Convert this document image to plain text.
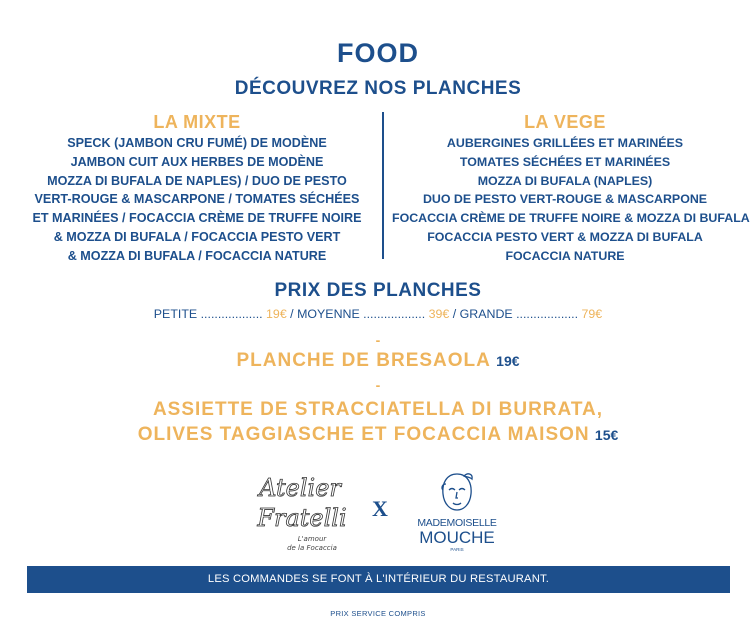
FOOD
DÉCOUVREZ NOS PLANCHES
LA MIXTE
SPECK (JAMBON CRU FUMÉ) DE MODÈNE
JAMBON CUIT AUX HERBES DE MODÈNE
MOZZA DI BUFALA DE NAPLES) / DUO DE PESTO
VERT-ROUGE & MASCARPONE / TOMATES SÉCHÉES
ET MARINÉES / FOCACCIA CRÈME DE TRUFFE NOIRE
& MOZZA DI BUFALA / FOCACCIA PESTO VERT
& MOZZA DI BUFALA / FOCACCIA NATURE
LA VEGE
AUBERGINES GRILLÉES ET MARINÉES
TOMATES SÉCHÉES ET MARINÉES
MOZZA DI BUFALA (NAPLES)
DUO DE PESTO VERT-ROUGE & MASCARPONE
FOCACCIA CRÈME DE TRUFFE NOIRE & MOZZA DI BUFALA
FOCACCIA PESTO VERT & MOZZA DI BUFALA
FOCACCIA NATURE
PRIX DES PLANCHES
PETITE .................. 19€ / MOYENNE .................. 39€ / GRANDE .................. 79€
-
PLANCHE DE BRESAOLA 19€
-
ASSIETTE DE STRACCIATELLA DI BURRATA,
OLIVES TAGGIASCHE ET FOCACCIA MAISON 15€
Atelier
Fratelli
L'amour
de la Focaccia
X
MADEMOISELLE
MOUCHE
PARIS
LES COMMANDES SE FONT À L'INTÉRIEUR DU RESTAURANT.
PRIX SERVICE COMPRIS
